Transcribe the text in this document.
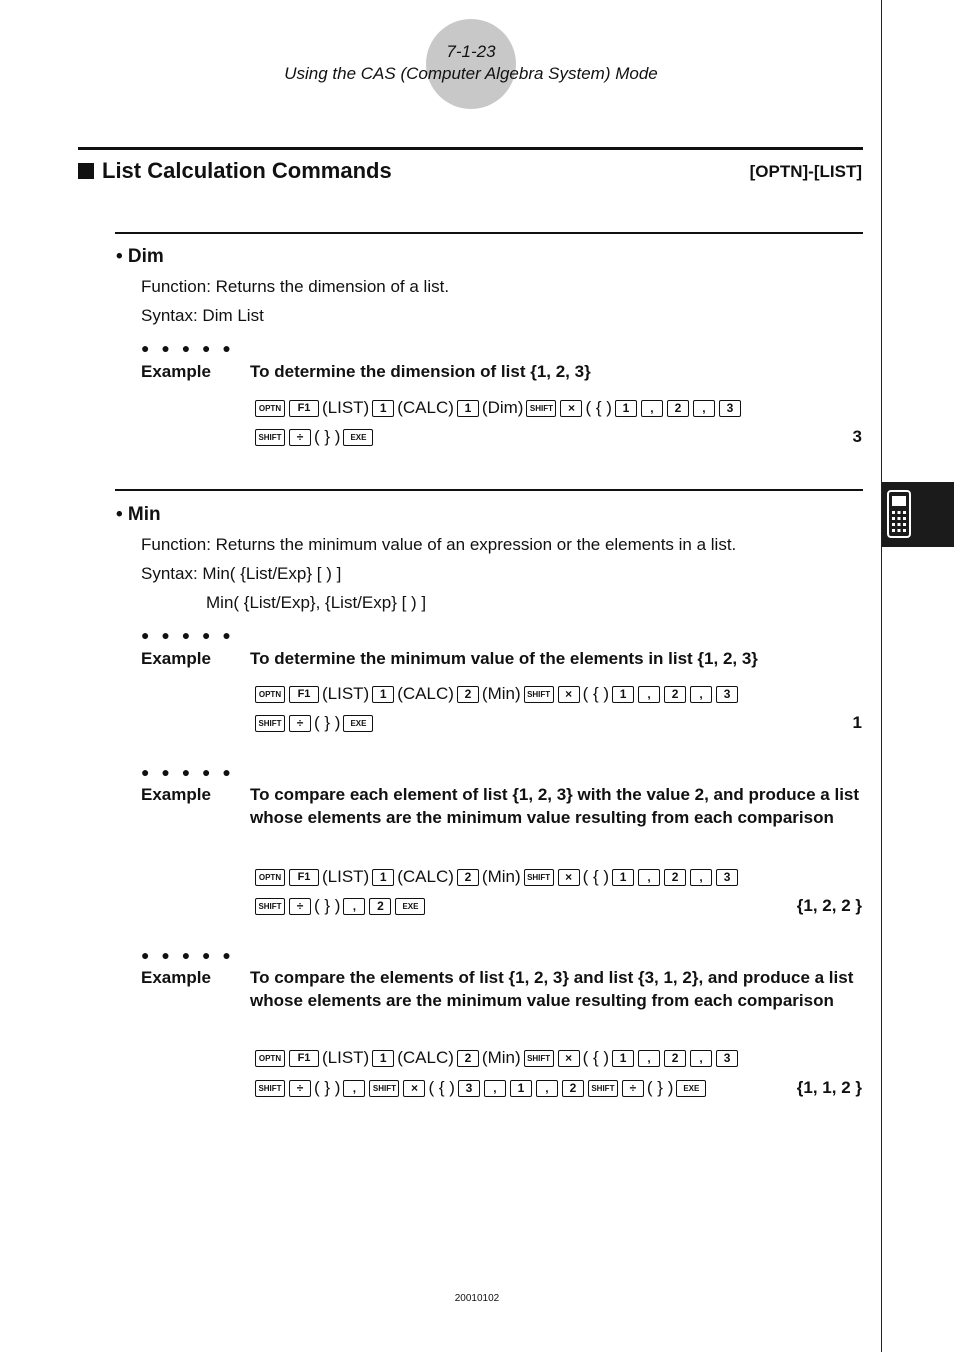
7-1-23
Using the CAS (Computer Algebra System) Mode
List Calculation Commands	[OPTN]-[LIST]
• Dim
Function: Returns the dimension of a list.
Syntax: Dim List
● ● ● ● ●
Example To determine the dimension of list {1, 2, 3}
OPTN	F1 (LIST) 1 (CALC) 1 (Dim) SHIFT	× ( { ) 1	,	2	,	3
SHIFT	÷ ( } )	EXE	3
• Min
Function: Returns the minimum value of an expression or the elements in a list.
Syntax: Min( {List/Exp} [ ) ]
Min( {List/Exp}, {List/Exp} [ ) ]
● ● ● ● ●
Example To determine the minimum value of the elements in list {1, 2, 3}
OPTN	F1 (LIST) 1 (CALC) 2 (Min) SHIFT	× ( { ) 1	,	2	,	3
SHIFT	÷ ( } )	EXE	1
● ● ● ● ●
Example To compare each element of list {1, 2, 3} with the value 2, and produce a list whose elements are the minimum value resulting from each comparison
OPTN	F1 (LIST) 1 (CALC) 2 (Min) SHIFT	× ( { ) 1	,	2	,	3
SHIFT	÷ ( } )	,	2	EXE	{1, 2, 2 }
● ● ● ● ●
Example To compare the elements of list {1, 2, 3} and list {3, 1, 2}, and produce a list whose elements are the minimum value resulting from each comparison
OPTN	F1 (LIST) 1 (CALC) 2 (Min) SHIFT	× ( { ) 1	,	2	,	3
SHIFT	÷ ( } )	,	SHIFT	× ( { ) 3	,	1	,	2	SHIFT	÷ ( } )	EXE	{1, 1, 2 }
20010102
